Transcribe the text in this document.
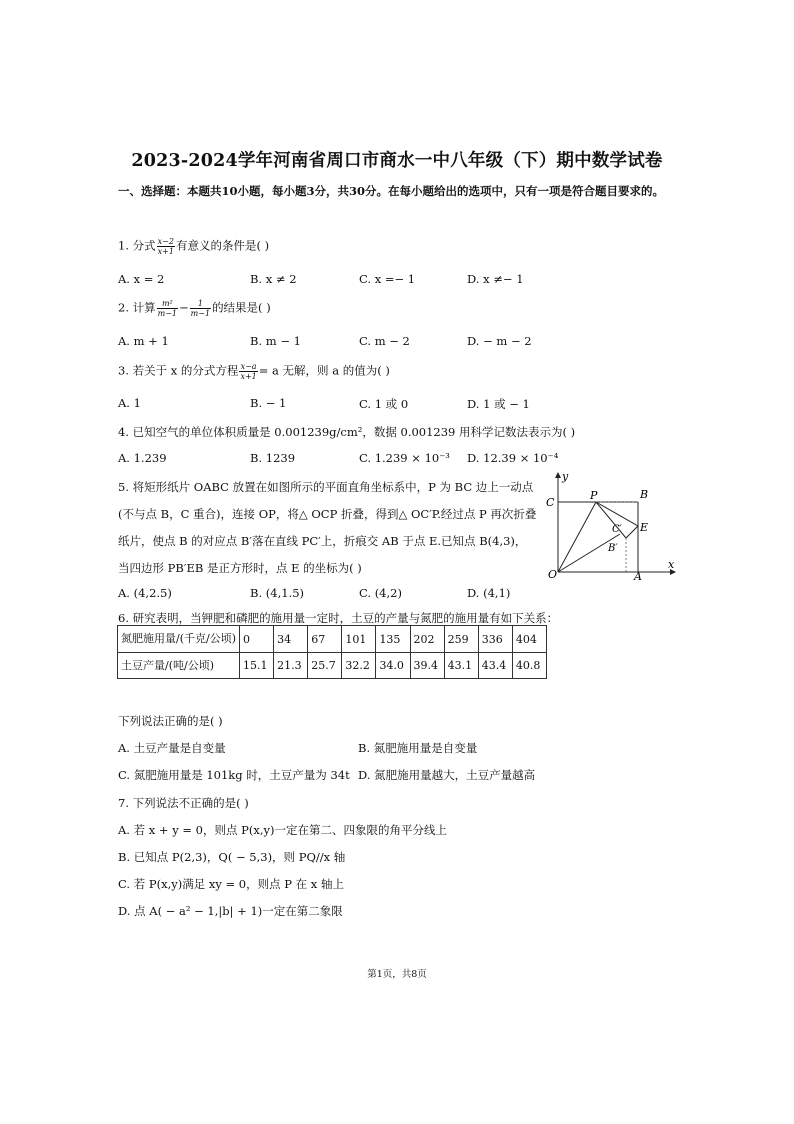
2023-2024学年河南省周口市商水一中八年级（下）期中数学试卷
一、选择题：本题共10小题，每小题3分，共30分。在每小题给出的选项中，只有一项是符合题目要求的。
1. 分式 $\frac{x-2}{x+1}$ 有意义的条件是( )
A. x = 2	B. x ≠ 2	C. x =− 1	D. x ≠− 1
2. 计算 $\frac{\text{m²}}{m-1} - \frac{1}{m-1}$ 的结果是( )
A. m + 1	B. m − 1	C. m − 2	D. − m − 2
3. 若关于 x 的分式方程 $\frac{x-a}{x+1} = a$ 无解，则 a 的值为( )
A. 1	B. − 1	C. 1 或 0	D. 1 或 − 1
4. 已知空气的单位体积质量是 0.001239g/cm²，数据 0.001239 用科学记数法表示为( )
A. 1.239	B. 1239	C. 1.239 × 10⁻³ D. 12.39 × 10⁻⁴
5. 将矩形纸片 OABC 放置在如图所示的平面直角坐标系中，P 为 BC 边上一动点
(不与点 B，C 重合)，连接 OP，将△ OCP 折叠，得到△ OC′P.经过点 P 再次折叠
纸片，使点 B 的对应点 B′落在直线 PC′上，折痕交 AB 于点 E.已知点 B(4,3)，
当四边形 PB′EB 是正方形时，点 E 的坐标为( )
A. (4,2.5)	B. (4,1.5)	C. (4,2)	D. (4,1)
y
x
C
P	B
C′ E
B′
O	A
6. 研究表明，当钾肥和磷肥的施用量一定时，土豆的产量与氮肥的施用量有如下关系：
氮肥施用量/(千克/公顷)	0	34	67	101	135	202	259	336	404
土豆产量/(吨/公顷)	15.1	21.3	25.7	32.2	34.0	39.4	43.1	43.4	40.8
下列说法正确的是( )
A. 土豆产量是自变量	B. 氮肥施用量是自变量
C. 氮肥施用量是 101kg 时，土豆产量为 34t D. 氮肥施用量越大，土豆产量越高
7. 下列说法不正确的是( )
A. 若 x + y = 0，则点 P(x,y)一定在第二、四象限的角平分线上
B. 已知点 P(2,3)，Q( − 5,3)，则 PQ//x 轴
C. 若 P(x,y)满足 xy = 0，则点 P 在 x 轴上
D. 点 A( − a² − 1,|b| + 1)一定在第二象限
第1页，共8页
